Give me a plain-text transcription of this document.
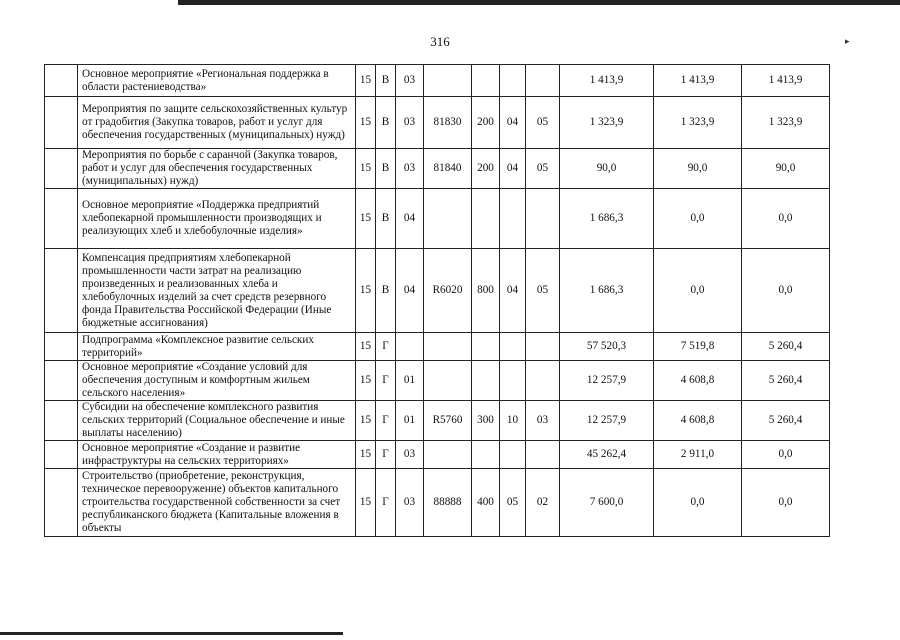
316	▸
	Основное мероприятие «Региональная поддержка в области растениеводства»	15	В	03					1 413,9	1 413,9	1 413,9
	Мероприятия по защите сельскохозяйственных культур от градобития (Закупка товаров, работ и услуг для обеспечения государственных (муниципальных) нужд)	15	В	03	81830	200	04	05	1 323,9	1 323,9	1 323,9
	Мероприятия по борьбе с саранчой (Закупка товаров, работ и услуг для обеспечения государственных (муниципальных) нужд)	15	В	03	81840	200	04	05	90,0	90,0	90,0
	Основное мероприятие «Поддержка предприятий хлебопекарной промышленности производящих и реализующих хлеб и хлебобулочные изделия»	15	В	04					1 686,3	0,0	0,0
	Компенсация предприятиям хлебопекарной промышленности части затрат на реализацию произведенных и реализованных хлеба и хлебобулочных изделий за счет средств резервного фонда Правительства Российской Федерации (Иные бюджетные ассигнования)	15	В	04	R6020	800	04	05	1 686,3	0,0	0,0
	Подпрограмма «Комплексное развитие сельских территорий»	15	Г						57 520,3	7 519,8	5 260,4
	Основное мероприятие «Создание условий для обеспечения доступным и комфортным жильем сельского населения»	15	Г	01					12 257,9	4 608,8	5 260,4
	Субсидии на обеспечение комплексного развития сельских территорий (Социальное обеспечение и иные выплаты населению)	15	Г	01	R5760	300	10	03	12 257,9	4 608,8	5 260,4
	Основное мероприятие «Создание и развитие инфраструктуры на сельских территориях»	15	Г	03					45 262,4	2 911,0	0,0
	Строительство (приобретение, реконструкция, техническое перевооружение) объектов капитального строительства государственной собственности за счет республиканского бюджета (Капитальные вложения в объекты	15	Г	03	88888	400	05	02	7 600,0	0,0	0,0
